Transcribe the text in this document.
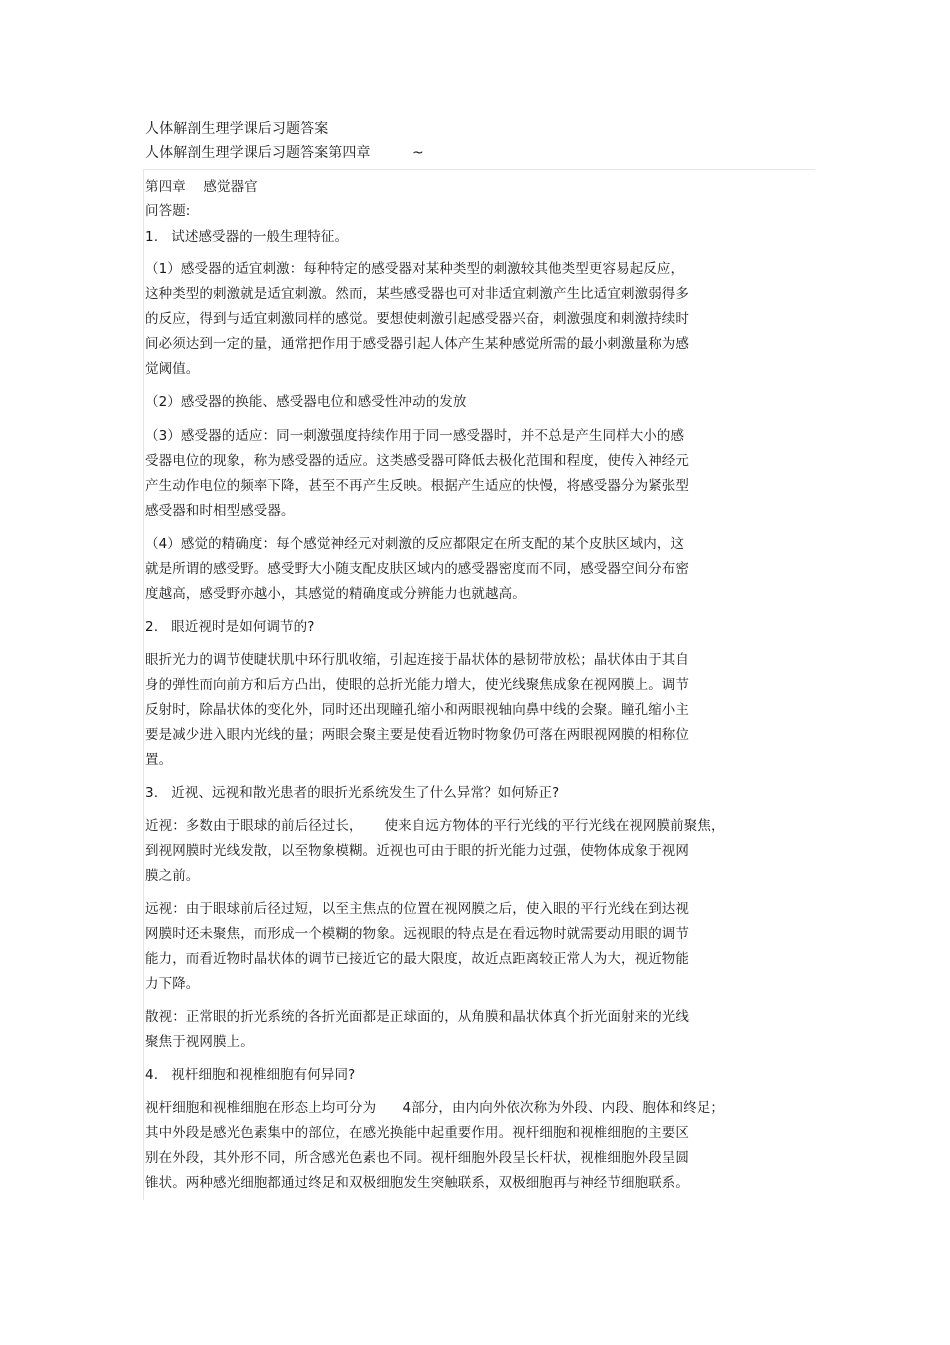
人体解剖生理学课后习题答案
人体解剖生理学课后习题答案第四章	~
第四章    感觉器官
问答题:
1.   试述感受器的一般生理特征。
（1）感受器的适宜刺激：每种特定的感受器对某种类型的刺激较其他类型更容易起反应，
这种类型的刺激就是适宜刺激。然而，某些感受器也可对非适宜刺激产生比适宜刺激弱得多
的反应，得到与适宜刺激同样的感觉。要想使刺激引起感受器兴奋，刺激强度和刺激持续时
间必须达到一定的量，通常把作用于感受器引起人体产生某种感觉所需的最小刺激量称为感
觉阈值。
（2）感受器的换能、感受器电位和感受性冲动的发放
（3）感受器的适应：同一刺激强度持续作用于同一感受器时，并不总是产生同样大小的感
受器电位的现象，称为感受器的适应。这类感受器可降低去极化范围和程度，使传入神经元
产生动作电位的频率下降，甚至不再产生反映。根据产生适应的快慢，将感受器分为紧张型
感受器和时相型感受器。
（4）感觉的精确度：每个感觉神经元对刺激的反应都限定在所支配的某个皮肤区域内，这
就是所谓的感受野。感受野大小随支配皮肤区域内的感受器密度而不同，感受器空间分布密
度越高，感受野亦越小，其感觉的精确度或分辨能力也就越高。
2.   眼近视时是如何调节的?
眼折光力的调节使睫状肌中环行肌收缩，引起连接于晶状体的悬韧带放松；晶状体由于其自
身的弹性而向前方和后方凸出，使眼的总折光能力增大，使光线聚焦成象在视网膜上。调节
反射时，除晶状体的变化外，同时还出现瞳孔缩小和两眼视轴向鼻中线的会聚。瞳孔缩小主
要是减少进入眼内光线的量；两眼会聚主要是使看近物时物象仍可落在两眼视网膜的相称位
置。
3.   近视、远视和散光患者的眼折光系统发生了什么异常？如何矫正?
近视：多数由于眼球的前后径过长，     使来自远方物体的平行光线的平行光线在视网膜前聚焦，
到视网膜时光线发散，以至物象模糊。近视也可由于眼的折光能力过强，使物体成象于视网
膜之前。
远视：由于眼球前后径过短，以至主焦点的位置在视网膜之后，使入眼的平行光线在到达视
网膜时还未聚焦，而形成一个模糊的物象。远视眼的特点是在看远物时就需要动用眼的调节
能力，而看近物时晶状体的调节已接近它的最大限度，故近点距离较正常人为大，视近物能
力下降。
散视：正常眼的折光系统的各折光面都是正球面的，从角膜和晶状体真个折光面射来的光线
聚焦于视网膜上。
4.   视杆细胞和视椎细胞有何异同?
视杆细胞和视椎细胞在形态上均可分为      4部分，由内向外依次称为外段、内段、胞体和终足；
其中外段是感光色素集中的部位，在感光换能中起重要作用。视杆细胞和视椎细胞的主要区
别在外段，其外形不同，所含感光色素也不同。视杆细胞外段呈长杆状，视椎细胞外段呈圆
锥状。两种感光细胞都通过终足和双极细胞发生突触联系，双极细胞再与神经节细胞联系。
